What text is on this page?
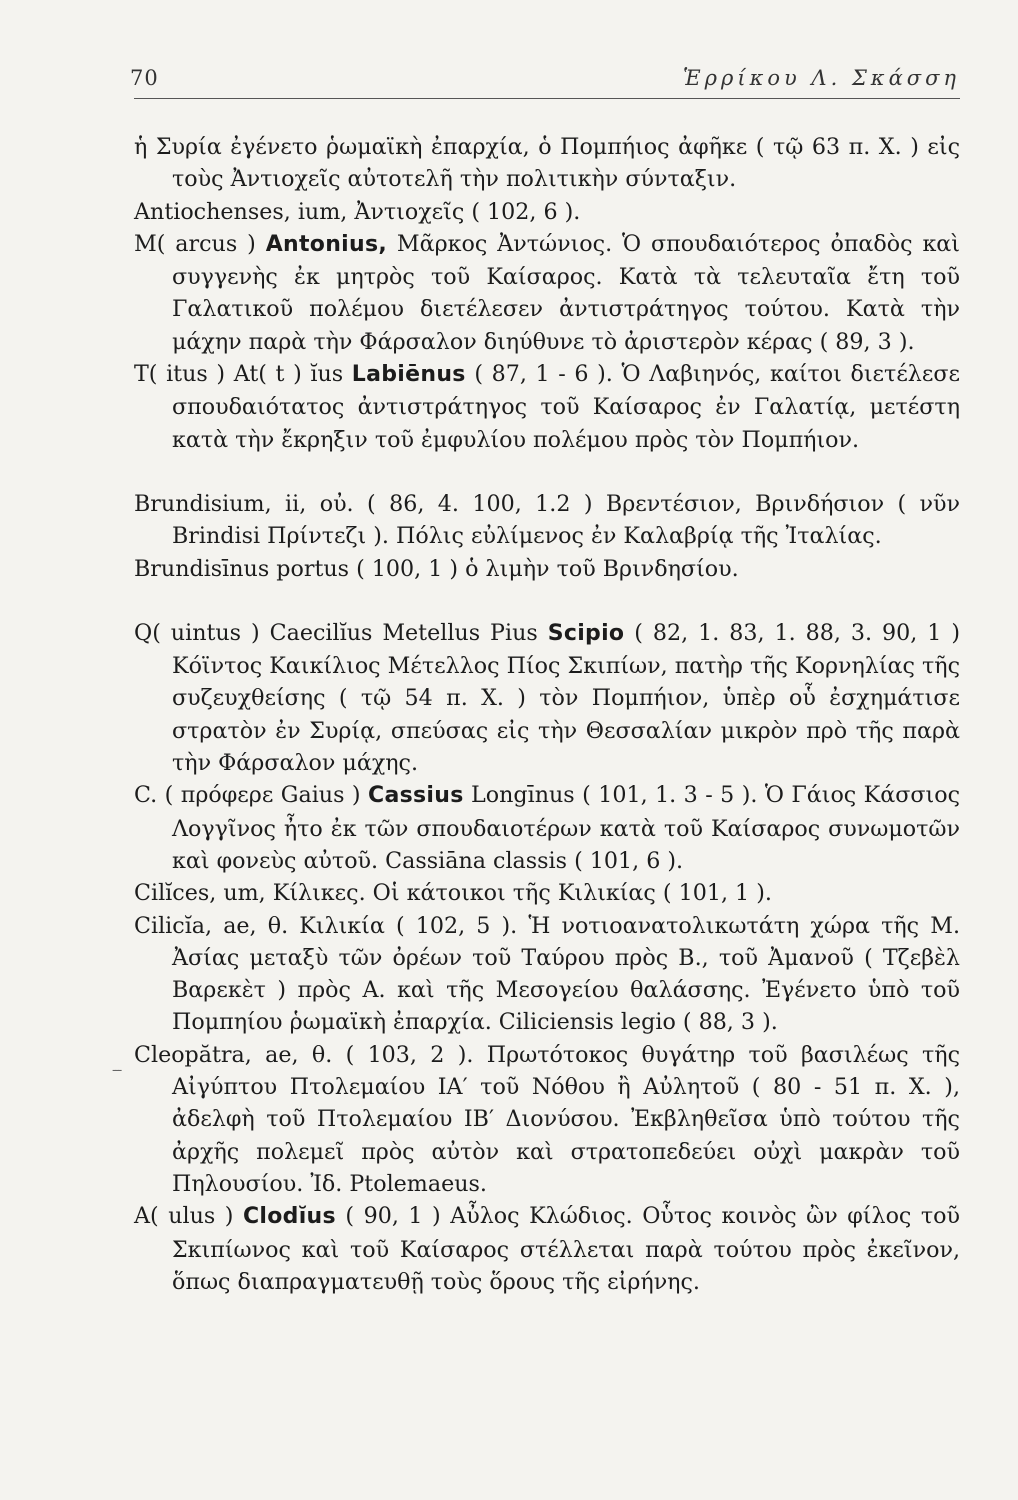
70	Ἑρρίκου Λ. Σκάσση

ἡ Συρία ἐγένετο ῥωμαϊκὴ ἐπαρχία, ὁ Πομπήιος ἀφῆκε ( τῷ 63 π. Χ. ) εἰς τοὺς Ἀντιοχεῖς αὐτοτελῆ τὴν πολιτικὴν σύνταξιν.

Antiochenses, ium, Ἀντιοχεῖς ( 102, 6 ).

M( arcus ) Antonius, Μᾶρκος Ἀντώνιος. Ὁ σπουδαιότερος ὀπαδὸς καὶ συγγενὴς ἐκ μητρὸς τοῦ Καίσαρος. Κατὰ τὰ τελευταῖα ἔτη τοῦ Γαλατικοῦ πολέμου διετέλεσεν ἀντιστράτηγος τούτου. Κατὰ τὴν μάχην παρὰ τὴν Φάρσαλον διηύθυνε τὸ ἀριστερὸν κέρας ( 89, 3 ).

T( itus ) At( t ) ĭus Labiēnus ( 87, 1 - 6 ). Ὁ Λαβιηνός, καίτοι διετέλεσε σπουδαιότατος ἀντιστράτηγος τοῦ Καίσαρος ἐν Γαλατίᾳ, μετέστη κατὰ τὴν ἔκρηξιν τοῦ ἐμφυλίου πολέμου πρὸς τὸν Πομπήιον.

Brundisium, ii, οὐ. ( 86, 4. 100, 1.2 ) Βρεντέσιον, Βρινδήσιον ( νῦν Brindisi Πρίντεζι ). Πόλις εὐλίμενος ἐν Καλαβρίᾳ τῆς Ἰταλίας.

Brundisīnus portus ( 100, 1 ) ὁ λιμὴν τοῦ Βρινδησίου.

Q( uintus ) Caecilĭus Metellus Pius Scipio ( 82, 1. 83, 1. 88, 3. 90, 1 ) Κόϊντος Καικίλιος Μέτελλος Πίος Σκιπίων, πατὴρ τῆς Κορνηλίας τῆς συζευχθείσης ( τῷ 54 π. Χ. ) τὸν Πομπήιον, ὑπὲρ οὗ ἐσχημάτισε στρατὸν ἐν Συρίᾳ, σπεύσας εἰς τὴν Θεσσαλίαν μικρὸν πρὸ τῆς παρὰ τὴν Φάρσαλον μάχης.

C. ( πρόφερε Gaius ) Cassius Longīnus ( 101, 1. 3 - 5 ). Ὁ Γάιος Κάσσιος Λογγῖνος ἦτο ἐκ τῶν σπουδαιοτέρων κατὰ τοῦ Καίσαρος συνωμοτῶν καὶ φονεὺς αὐτοῦ. Cassiāna classis ( 101, 6 ).

Cilĭces, um, Κίλικες. Οἱ κάτοικοι τῆς Κιλικίας ( 101, 1 ).

Cilicĭa, ae, θ. Κιλικία ( 102, 5 ). Ἡ νοτιοανατολικωτάτη χώρα τῆς Μ. Ἀσίας μεταξὺ τῶν ὀρέων τοῦ Ταύρου πρὸς Β., τοῦ Ἀμανοῦ ( Τζεβὲλ Βαρεκὲτ ) πρὸς Α. καὶ τῆς Μεσογείου θαλάσσης. Ἐγένετο ὑπὸ τοῦ Πομπηίου ῥωμαϊκὴ ἐπαρχία. Ciliciensis legio ( 88, 3 ).

Cleopătra, ae, θ. ( 103, 2 ). Πρωτότοκος θυγάτηρ τοῦ βασιλέως τῆς Αἰγύπτου Πτολεμαίου ΙΑ′ τοῦ Νόθου ἢ Αὐλητοῦ ( 80 - 51 π. Χ. ), ἀδελφὴ τοῦ Πτολεμαίου ΙΒ′ Διονύσου. Ἐκβληθεῖσα ὑπὸ τούτου τῆς ἀρχῆς πολεμεῖ πρὸς αὐτὸν καὶ στρατοπεδεύει οὐχὶ μακρὰν τοῦ Πηλουσίου. Ἰδ. Ptolemaeus.

A( ulus ) Clodĭus ( 90, 1 ) Αὖλος Κλώδιος. Οὗτος κοινὸς ὢν φίλος τοῦ Σκιπίωνος καὶ τοῦ Καίσαρος στέλλεται παρὰ τούτου πρὸς ἐκεῖνον, ὅπως διαπραγματευθῇ τοὺς ὅρους τῆς εἰρήνης.

‐‐‐
